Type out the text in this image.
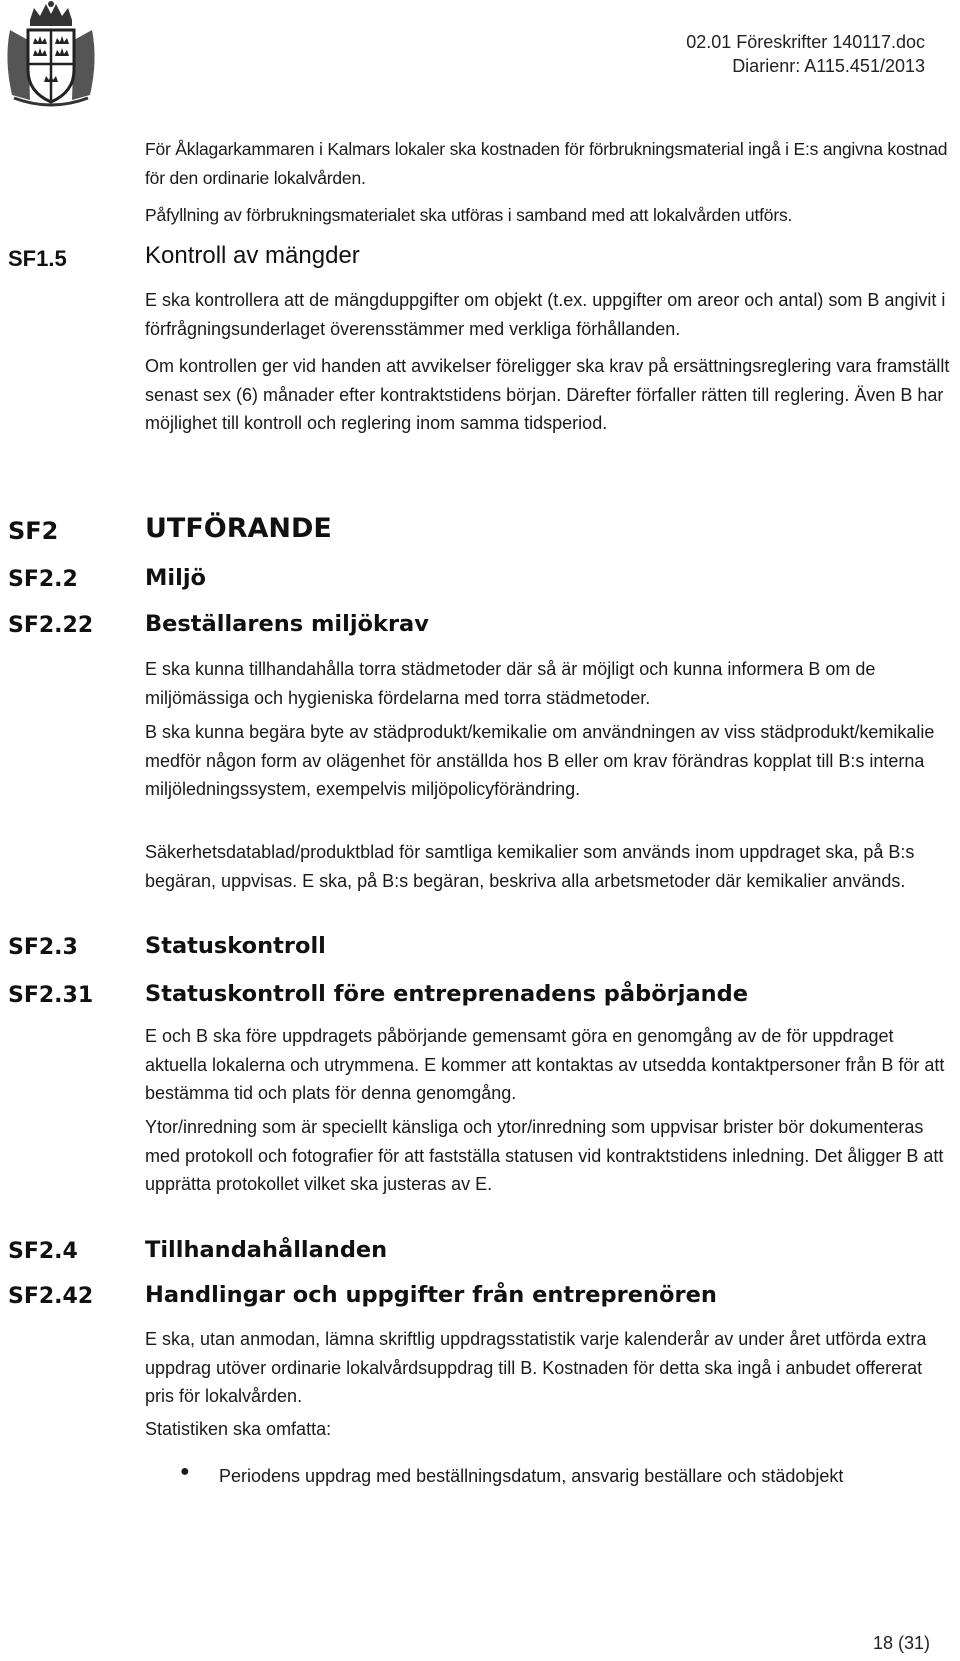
02.01 Föreskrifter 140117.doc
Diarienr: A115.451/2013

För Åklagarkammaren i Kalmars lokaler ska kostnaden för förbrukningsmaterial ingå i E:s angivna kostnad för den ordinarie lokalvården.

Påfyllning av förbrukningsmaterialet ska utföras i samband med att lokalvården utförs.

SF1.5	Kontroll av mängder

E ska kontrollera att de mängduppgifter om objekt (t.ex. uppgifter om areor och antal) som B angivit i förfrågningsunderlaget överensstämmer med verkliga förhållanden.

Om kontrollen ger vid handen att avvikelser föreligger ska krav på ersättningsreglering vara framställt senast sex (6) månader efter kontraktstidens början. Därefter förfaller rätten till reglering. Även B har möjlighet till kontroll och reglering inom samma tidsperiod.

SF2	UTFÖRANDE
SF2.2	Miljö
SF2.22 Beställarens miljökrav

E ska kunna tillhandahålla torra städmetoder där så är möjligt och kunna informera B om de miljömässiga och hygieniska fördelarna med torra städmetoder.

B ska kunna begära byte av städprodukt/kemikalie om användningen av viss städprodukt/kemikalie medför någon form av olägenhet för anställda hos B eller om krav förändras kopplat till B:s interna miljöledningssystem, exempelvis miljöpolicyförändring.

Säkerhetsdatablad/produktblad för samtliga kemikalier som används inom uppdraget ska, på B:s begäran, uppvisas. E ska, på B:s begäran, beskriva alla arbetsmetoder där kemikalier används.

SF2.3	Statuskontroll
SF2.31 Statuskontroll före entreprenadens påbörjande

E och B ska före uppdragets påbörjande gemensamt göra en genomgång av de för uppdraget aktuella lokalerna och utrymmena. E kommer att kontaktas av utsedda kontaktpersoner från B för att bestämma tid och plats för denna genomgång.

Ytor/inredning som är speciellt känsliga och ytor/inredning som uppvisar brister bör dokumenteras med protokoll och fotografier för att fastställa statusen vid kontraktstidens inledning. Det åligger B att upprätta protokollet vilket ska justeras av E.

SF2.4	Tillhandahållanden
SF2.42 Handlingar och uppgifter från entreprenören

E ska, utan anmodan, lämna skriftlig uppdragsstatistik varje kalenderår av under året utförda extra uppdrag utöver ordinarie lokalvårdsuppdrag till B. Kostnaden för detta ska ingå i anbudet offererat pris för lokalvården.

Statistiken ska omfatta:

● Periodens uppdrag med beställningsdatum, ansvarig beställare och städobjekt
18 (31)
